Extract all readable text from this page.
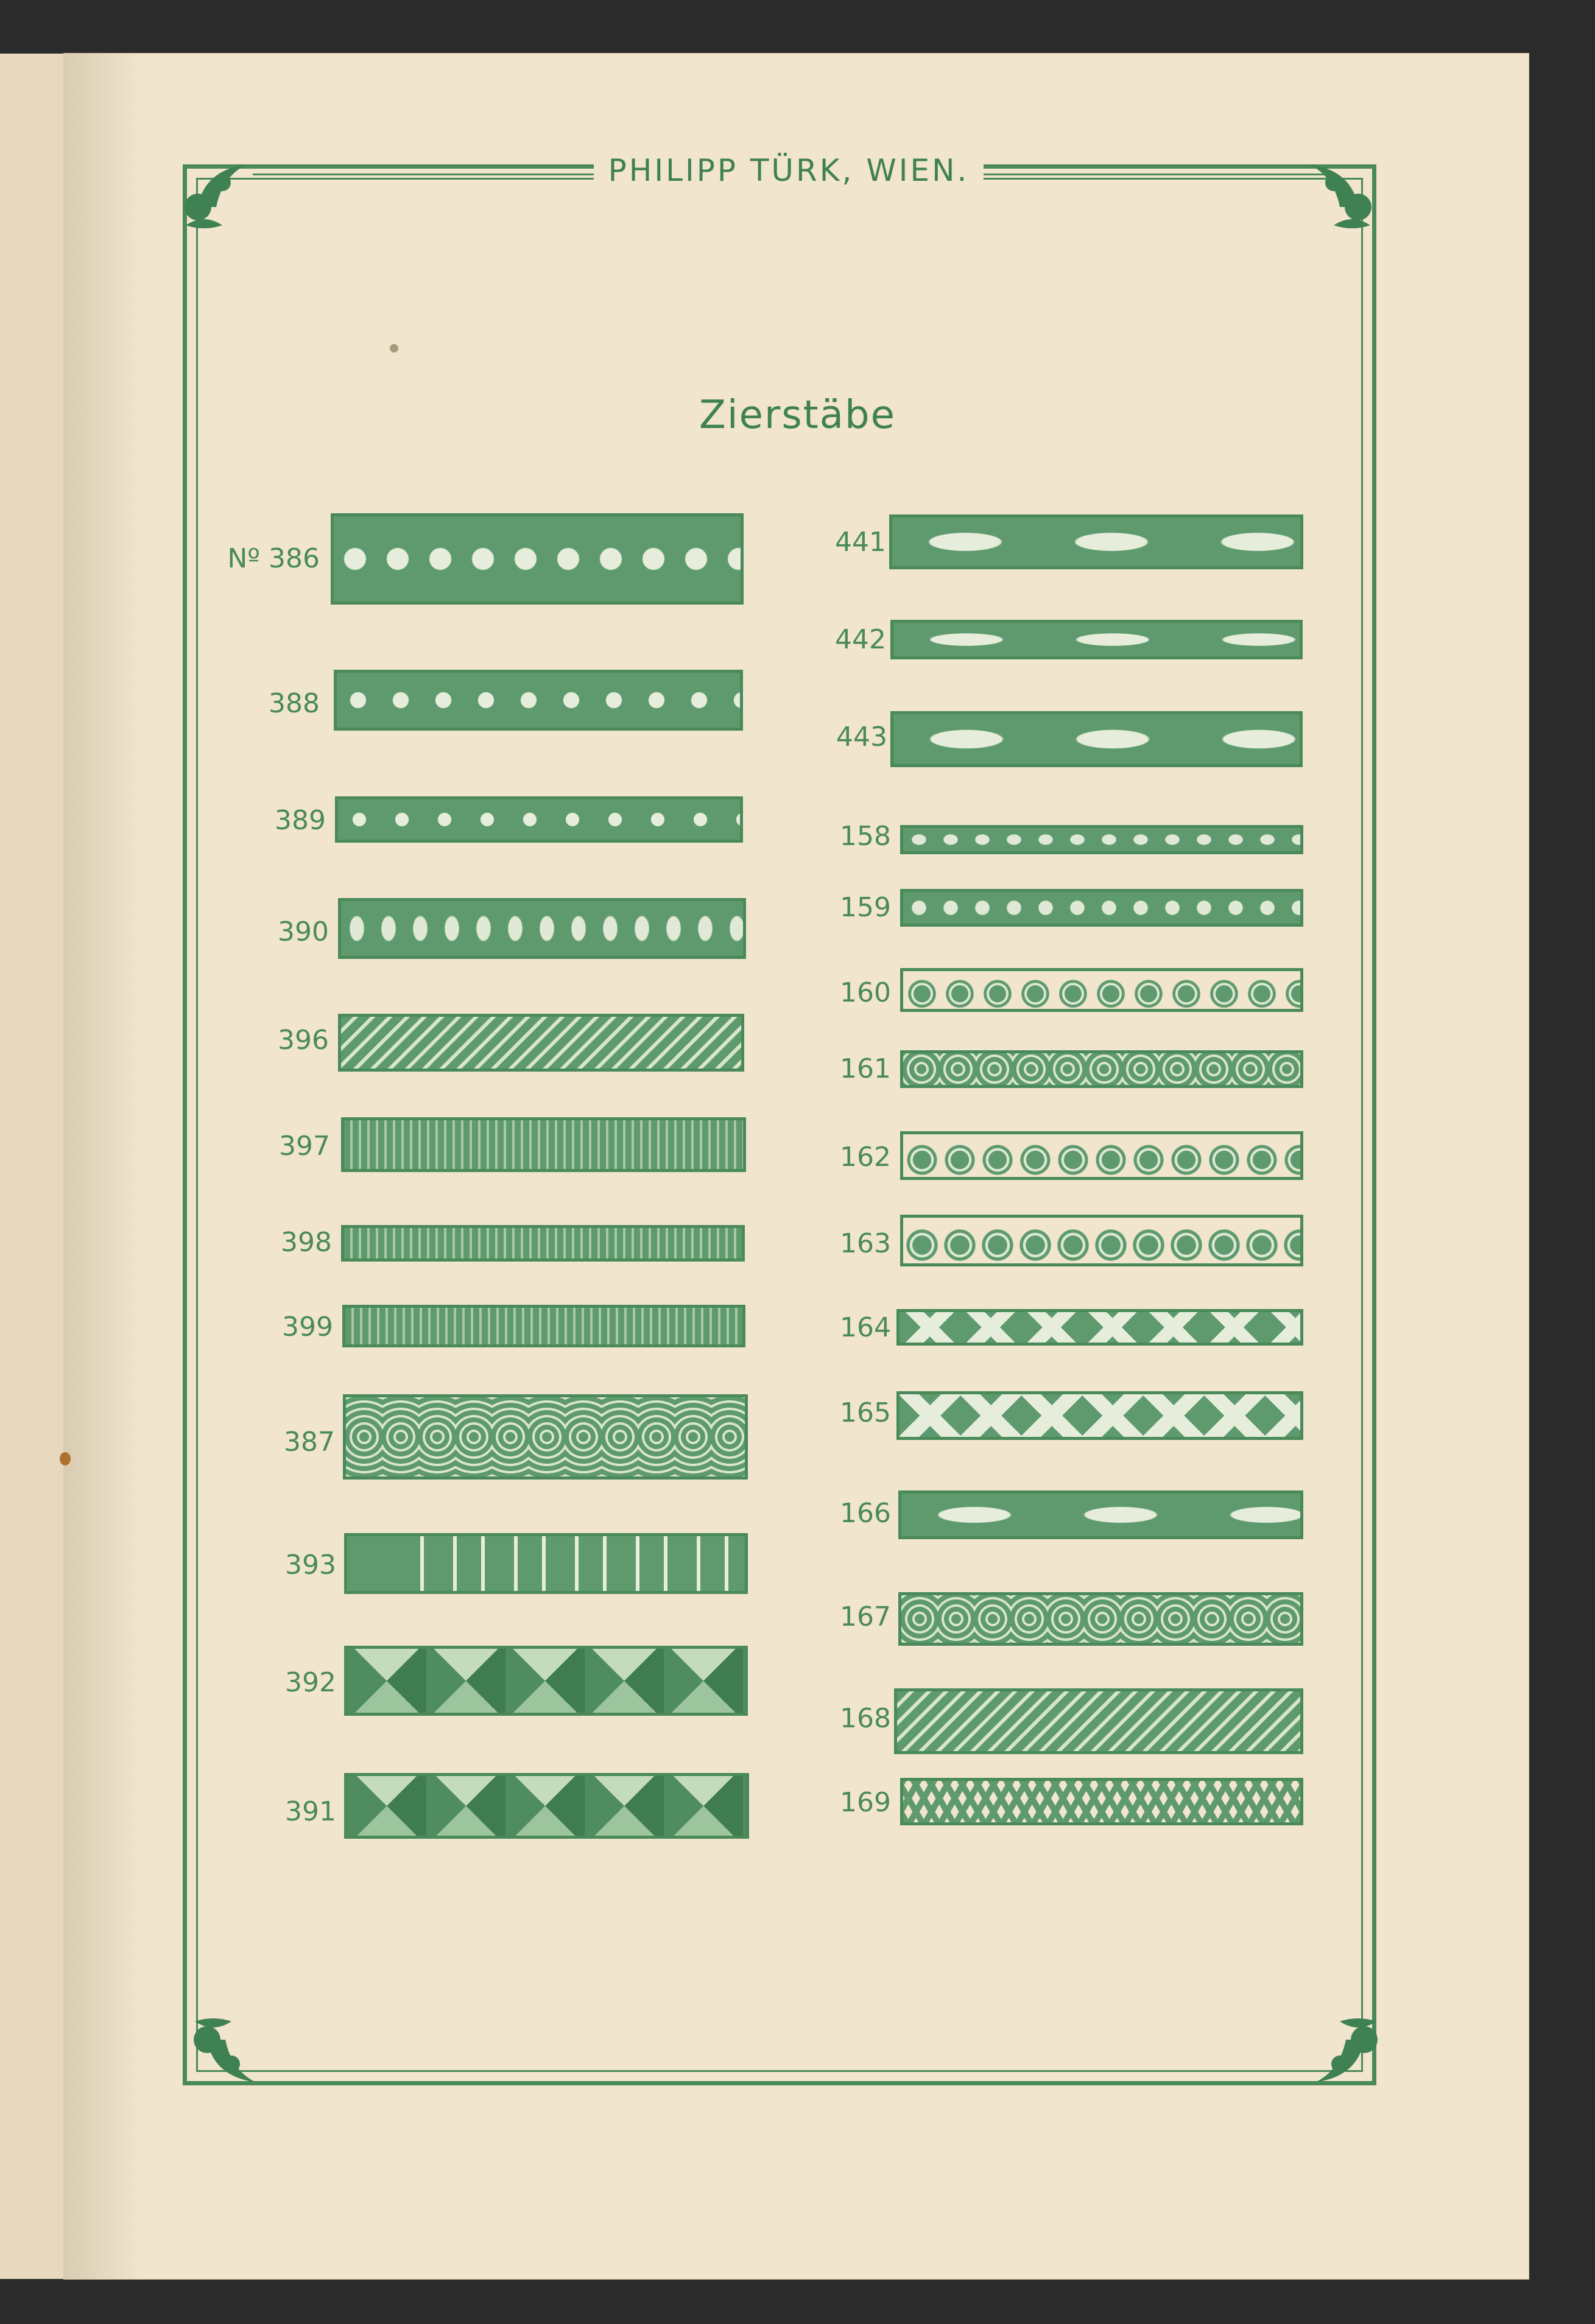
PHILIPP TÜRK, WIEN.
Zierstäbe
Nº 386
388
389
390
396
397
398
399
387
393
392
391
441
442
443
158
159
160
161
162
163
164
165
166
167
168
169
